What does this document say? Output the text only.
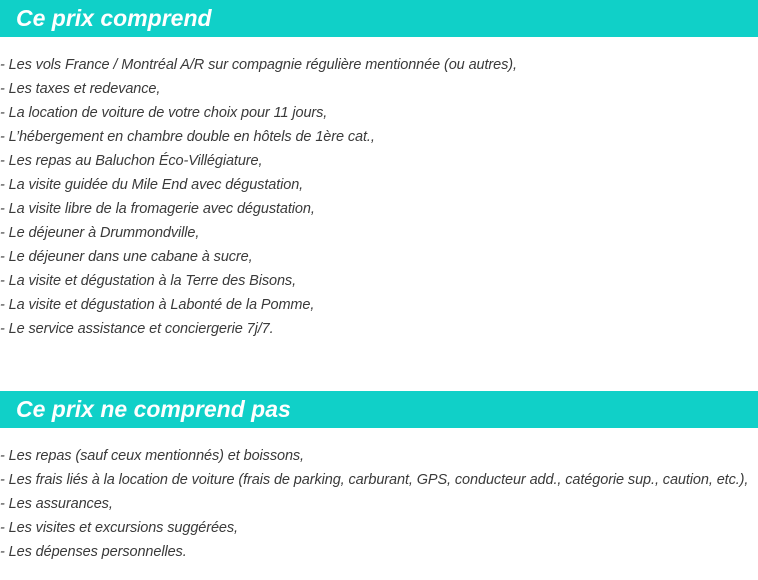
Ce prix comprend
- Les vols France / Montréal A/R sur compagnie régulière mentionnée (ou autres),
- Les taxes et redevance,
- La location de voiture de votre choix pour 11 jours,
- L’hébergement en chambre double en hôtels de 1ère cat.,
- Les repas au Baluchon Éco-Villégiature,
- La visite guidée du Mile End avec dégustation,
- La visite libre de la fromagerie avec dégustation,
- Le déjeuner à Drummondville,
- Le déjeuner dans une cabane à sucre,
- La visite et dégustation à la Terre des Bisons,
- La visite et dégustation à Labonté de la Pomme,
- Le service assistance et conciergerie 7j/7.
Ce prix ne comprend pas
- Les repas (sauf ceux mentionnés) et boissons,
- Les frais liés à la location de voiture (frais de parking, carburant, GPS, conducteur add., catégorie sup., caution, etc.),
- Les assurances,
- Les visites et excursions suggérées,
- Les dépenses personnelles.
